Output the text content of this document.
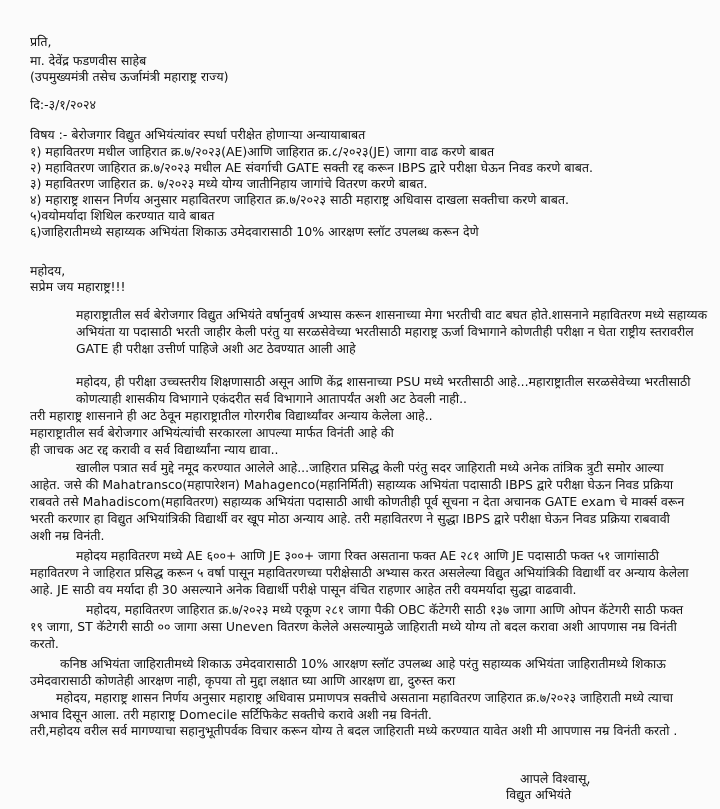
प्रति,

मा. देवेंद्र फडणवीस साहेब

(उपमुख्यमंत्री तसेच ऊर्जामंत्री महाराष्ट्र राज्य)

दि:-३/१/२०२४

विषय :- बेरोजगार विद्युत अभियंत्यांवर स्पर्धा परीक्षेत होणाऱ्या अन्यायाबाबत

१) महावितरण मधील जाहिरात क्र.७/२०२३(AE)आणि जाहिरात क्र.८/२०२३(JE) जागा वाढ करणे बाबत

२) महावितरण जाहिरात क्र.७/२०२३ मधील AE संवर्गाची GATE सक्ती रद्द करून IBPS द्वारे परीक्षा घेऊन निवड करणे बाबत.

३) महावितरण जाहिरात क्र. ७/२०२३ मध्ये योग्य जातीनिहाय जागांचे वितरण करणे बाबत.

४) महाराष्ट्र शासन निर्णय अनुसार महावितरण जाहिरात क्र.७/२०२३ साठी महाराष्ट्र अधिवास दाखला सक्तीचा करणे बाबत.

५)वयोमर्यादा शिथिल करण्यात यावे बाबत

६)जाहिरातीमध्ये सहाय्यक अभियंता शिकाऊ उमेदवारासाठी 10% आरक्षण स्लॉट उपलब्ध करून देणे

महोदय,

सप्रेम जय महाराष्ट्र!!!

महाराष्ट्रातील सर्व बेरोजगार विद्युत अभियंते वर्षानुवर्ष अभ्यास करून शासनाच्या मेगा भरतीची वाट बघत होते.शासनाने महावितरण मध्ये सहाय्यक अभियंता या पदासाठी भरती जाहीर केली परंतु या सरळसेवेच्या भरतीसाठी महाराष्ट्र ऊर्जा विभागाने कोणतीही परीक्षा न घेता राष्ट्रीय स्तरावरील GATE ही परीक्षा उत्तीर्ण पाहिजे अशी अट ठेवण्यात आली आहे

महोदय, ही परीक्षा उच्चस्तरीय शिक्षणासाठी असून आणि केंद्र शासनाच्या PSU मध्ये भरतीसाठी आहे...महाराष्ट्रातील सरळसेवेच्या भरतीसाठी कोणत्याही शासकीय विभागाने एकंदरीत सर्व विभागाने आतापर्यंत अशी अट ठेवली नाही..

तरी महाराष्ट्र शासनाने ही अट ठेवून महाराष्ट्रातील गोरगरीब विद्यार्थ्यांवर अन्याय केलेला आहे..

महाराष्ट्रातील सर्व बेरोजगार अभियंत्यांची सरकारला आपल्या मार्फत विनंती आहे की

ही जाचक अट रद्द करावी व सर्व विद्यार्थ्यांना न्याय द्यावा..

खालील पत्रात सर्व मुद्दे नमूद करण्यात आलेले आहे...जाहिरात प्रसिद्ध केली परंतु सदर जाहिराती मध्ये अनेक तांत्रिक त्रुटी समोर आल्या आहेत. जसे की Mahatransco(महापारेशन) Mahagenco(महानिर्मिती) सहाय्यक अभियंता पदासाठी IBPS द्वारे परीक्षा घेऊन निवड प्रक्रिया राबवते तसे Mahadiscom(महावितरण) सहाय्यक अभियंता पदासाठी आधी कोणतीही पूर्व सूचना न देता अचानक GATE exam चे मार्क्स वरून भरती करणार हा विद्युत अभियांत्रिकी विद्यार्थी वर खूप मोठा अन्याय आहे. तरी महावितरण ने सुद्धा IBPS द्वारे परीक्षा घेऊन निवड प्रक्रिया राबवावी अशी नम्र विनंती.
महोदय महावितरण मध्ये AE ६००+ आणि JE ३००+ जागा रिक्त असताना फक्त AE २८१ आणि JE पदासाठी फक्त ५१ जागांसाठी महावितरण ने जाहिरात प्रसिद्ध करून ५ वर्षा पासून महावितरणच्या परीक्षेसाठी अभ्यास करत असलेल्या विद्युत अभियांत्रिकी विद्यार्थी वर अन्याय केलेला आहे. JE साठी वय मर्यादा ही 30 असल्याने अनेक विद्यार्थी परीक्षे पासून वंचित राहणार आहेत तरी वयमर्यादा सुद्धा वाढवावी.
महोदय, महावितरण जाहिरात क्र.७/२०२३ मध्ये एकूण २८१ जागा पैकी OBC कॅटेगरी साठी १३७ जागा आणि ओपन कॅटेगरी साठी फक्त १९ जागा, ST कॅटेगरी साठी ०० जागा असा Uneven वितरण केलेले असल्यामुळे जाहिराती मध्ये योग्य तो बदल करावा अशी आपणास नम्र विनंती करतो.
कनिष्ठ अभियंता जाहिरातीमध्ये शिकाऊ उमेदवारासाठी 10% आरक्षण स्लॉट उपलब्ध आहे परंतु सहाय्यक अभियंता जाहिरातीमध्ये शिकाऊ उमेदवारासाठी कोणतेही आरक्षण नाही, कृपया तो मुद्दा लक्षात घ्या आणि आरक्षण द्या, दुरुस्त करा
महोदय, महाराष्ट्र शासन निर्णय अनुसार महाराष्ट्र अधिवास प्रमाणपत्र सक्तीचे असताना महावितरण जाहिरात क्र.७/२०२३ जाहिराती मध्ये त्याचा अभाव दिसून आला. तरी महाराष्ट्र Domecile सर्टिफिकेट सक्तीचे करावे अशी नम्र विनंती.
तरी,महोदय वरील सर्व मागण्याचा सहानुभूतीपर्वक विचार करून योग्य ते बदल जाहिराती मध्ये करण्यात यावेत अशी मी आपणास नम्र विनंती करतो .

आपले विश्वासू,

विद्युत अभियंते
